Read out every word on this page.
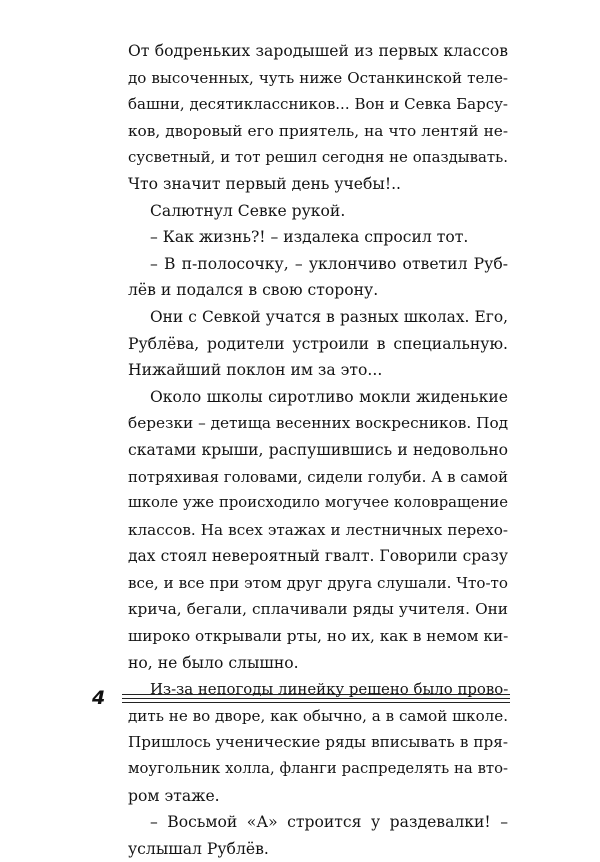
От бодреньких зародышей из первых классов
до высоченных, чуть ниже Останкинской теле-
башни, десятиклассников... Вон и Севка Барсу-
ков, дворовый его приятель, на что лентяй не-
сусветный, и тот решил сегодня не опаздывать.
Что значит первый день учебы!..
Салютнул Севке рукой.
– Как жизнь?! – издалека спросил тот.
– В п-полосочку, – уклончиво ответил Руб-
лёв и подался в свою сторону.
Они с Севкой учатся в разных школах. Его,
Рублёва, родители устроили в специальную.
Нижайший поклон им за это...
Около школы сиротливо мокли жиденькие
березки – детища весенних воскресников. Под
скатами крыши, распушившись и недовольно
потряхивая головами, сидели голуби. А в самой
школе уже происходило могучее коловращение
классов. На всех этажах и лестничных перехо-
дах стоял невероятный гвалт. Говорили сразу
все, и все при этом друг друга слушали. Что-то
крича, бегали, сплачивали ряды учителя. Они
широко открывали рты, но их, как в немом ки-
но, не было слышно.
Из-за непогоды линейку решено было прово-
дить не во дворе, как обычно, а в самой школе.
Пришлось ученические ряды вписывать в пря-
моугольник холла, фланги распределять на вто-
ром этаже.
– Восьмой «А» строится у раздевалки! –
услышал Рублёв.
4
